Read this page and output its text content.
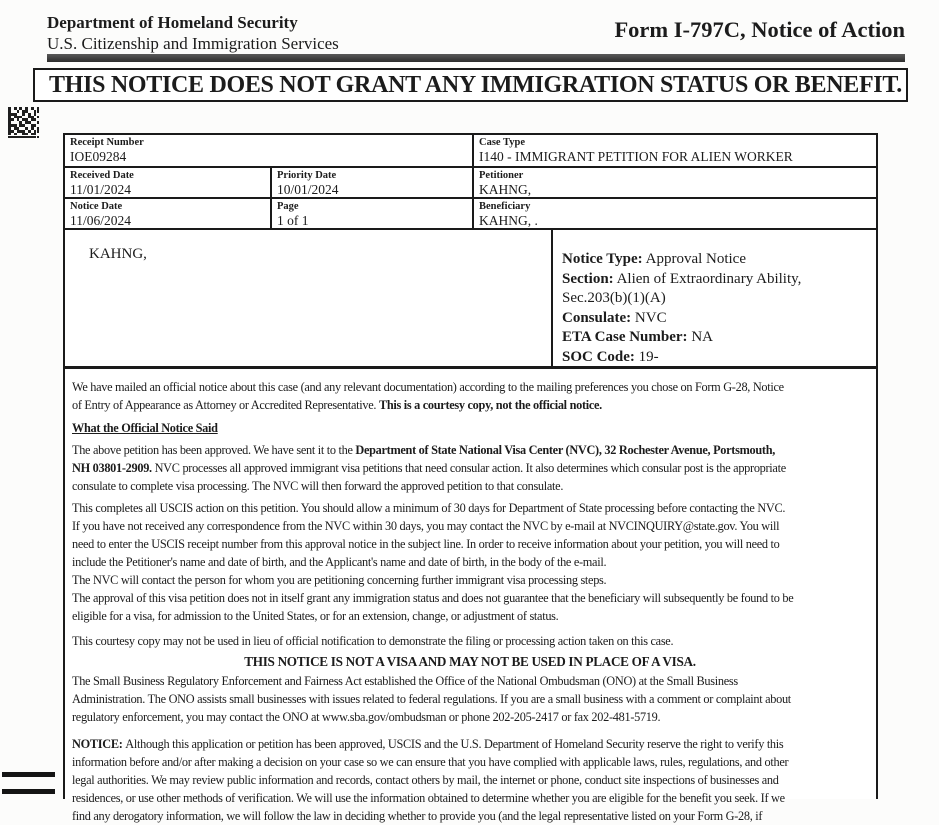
Department of Homeland Security
U.S. Citizenship and Immigration Services
Form I-797C, Notice of Action
THIS NOTICE DOES NOT GRANT ANY IMMIGRATION STATUS OR BENEFIT.
Receipt Number
IOE09284
Case Type
I140 - IMMIGRANT PETITION FOR ALIEN WORKER
Received Date
11/01/2024
Priority Date
10/01/2024
Petitioner
KAHNG,
Notice Date
11/06/2024
Page
1 of 1
Beneficiary
KAHNG, .
KAHNG,	Notice Type: Approval Notice
Section: Alien of Extraordinary Ability,
Sec.203(b)(1)(A)
Consulate: NVC
ETA Case Number: NA
SOC Code: 19-
We have mailed an official notice about this case (and any relevant documentation) according to the mailing preferences you chose on Form G-28, Notice
of Entry of Appearance as Attorney or Accredited Representative. This is a courtesy copy, not the official notice.
What the Official Notice Said
The above petition has been approved. We have sent it to the Department of State National Visa Center (NVC), 32 Rochester Avenue, Portsmouth,
NH 03801-2909. NVC processes all approved immigrant visa petitions that need consular action. It also determines which consular post is the appropriate
consulate to complete visa processing. The NVC will then forward the approved petition to that consulate.
This completes all USCIS action on this petition. You should allow a minimum of 30 days for Department of State processing before contacting the NVC.
If you have not received any correspondence from the NVC within 30 days, you may contact the NVC by e-mail at NVCINQUIRY@state.gov. You will
need to enter the USCIS receipt number from this approval notice in the subject line. In order to receive information about your petition, you will need to
include the Petitioner's name and date of birth, and the Applicant's name and date of birth, in the body of the e-mail.
The NVC will contact the person for whom you are petitioning concerning further immigrant visa processing steps.
The approval of this visa petition does not in itself grant any immigration status and does not guarantee that the beneficiary will subsequently be found to be
eligible for a visa, for admission to the United States, or for an extension, change, or adjustment of status.
This courtesy copy may not be used in lieu of official notification to demonstrate the filing or processing action taken on this case.
THIS NOTICE IS NOT A VISA AND MAY NOT BE USED IN PLACE OF A VISA.
The Small Business Regulatory Enforcement and Fairness Act established the Office of the National Ombudsman (ONO) at the Small Business
Administration. The ONO assists small businesses with issues related to federal regulations. If you are a small business with a comment or complaint about
regulatory enforcement, you may contact the ONO at www.sba.gov/ombudsman or phone 202-205-2417 or fax 202-481-5719.
NOTICE: Although this application or petition has been approved, USCIS and the U.S. Department of Homeland Security reserve the right to verify this
information before and/or after making a decision on your case so we can ensure that you have complied with applicable laws, rules, regulations, and other
legal authorities. We may review public information and records, contact others by mail, the internet or phone, conduct site inspections of businesses and
residences, or use other methods of verification. We will use the information obtained to determine whether you are eligible for the benefit you seek. If we
find any derogatory information, we will follow the law in deciding whether to provide you (and the legal representative listed on your Form G-28, if
